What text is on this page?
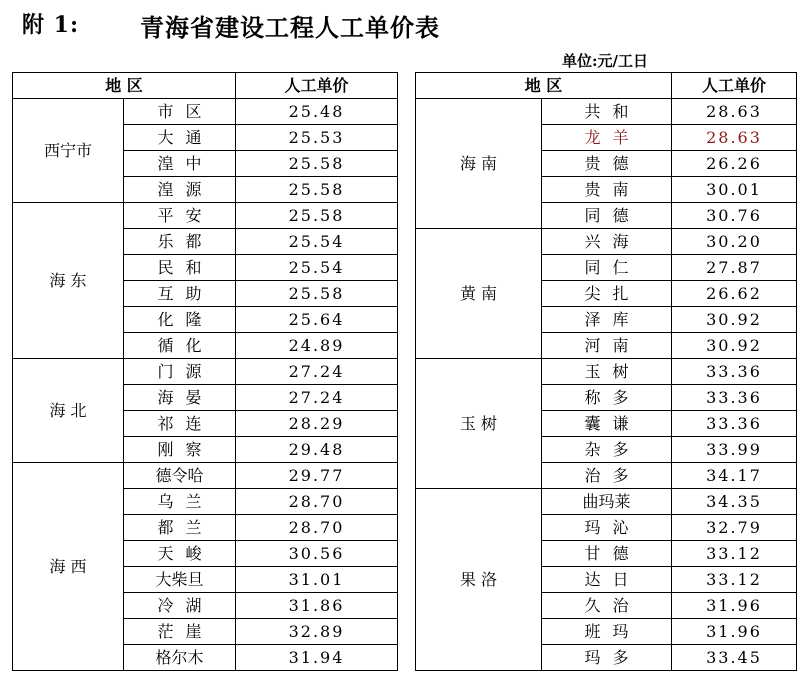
附 1:	青海省建设工程人工单价表
单位:元/工日
地 区		人工单价
西宁市	市区	25.48
	大通	25.53
	湟中	25.58
	湟源	25.58
海 东	平安	25.58
	乐都	25.54
	民和	25.54
	互助	25.58
	化隆	25.64
	循化	24.89
海 北	门源	27.24
	海晏	27.24
	祁连	28.29
	刚察	29.48
海 西	德令哈	29.77
	乌兰	28.70
	都兰	28.70
	天峻	30.56
	大柴旦	31.01
	冷湖	31.86
	茫崖	32.89
	格尔木	31.94
地 区		人工单价
海 南	共和	28.63
	龙羊	28.63
	贵德	26.26
	贵南	30.01
	同德	30.76
黄 南	兴海	30.20
	同仁	27.87
	尖扎	26.62
	泽库	30.92
	河南	30.92
玉 树	玉树	33.36
	称多	33.36
	囊谦	33.36
	杂多	33.99
	治多	34.17
果 洛	曲玛莱	34.35
	玛沁	32.79
	甘德	33.12
	达日	33.12
	久治	31.96
	班玛	31.96
	玛多	33.45
